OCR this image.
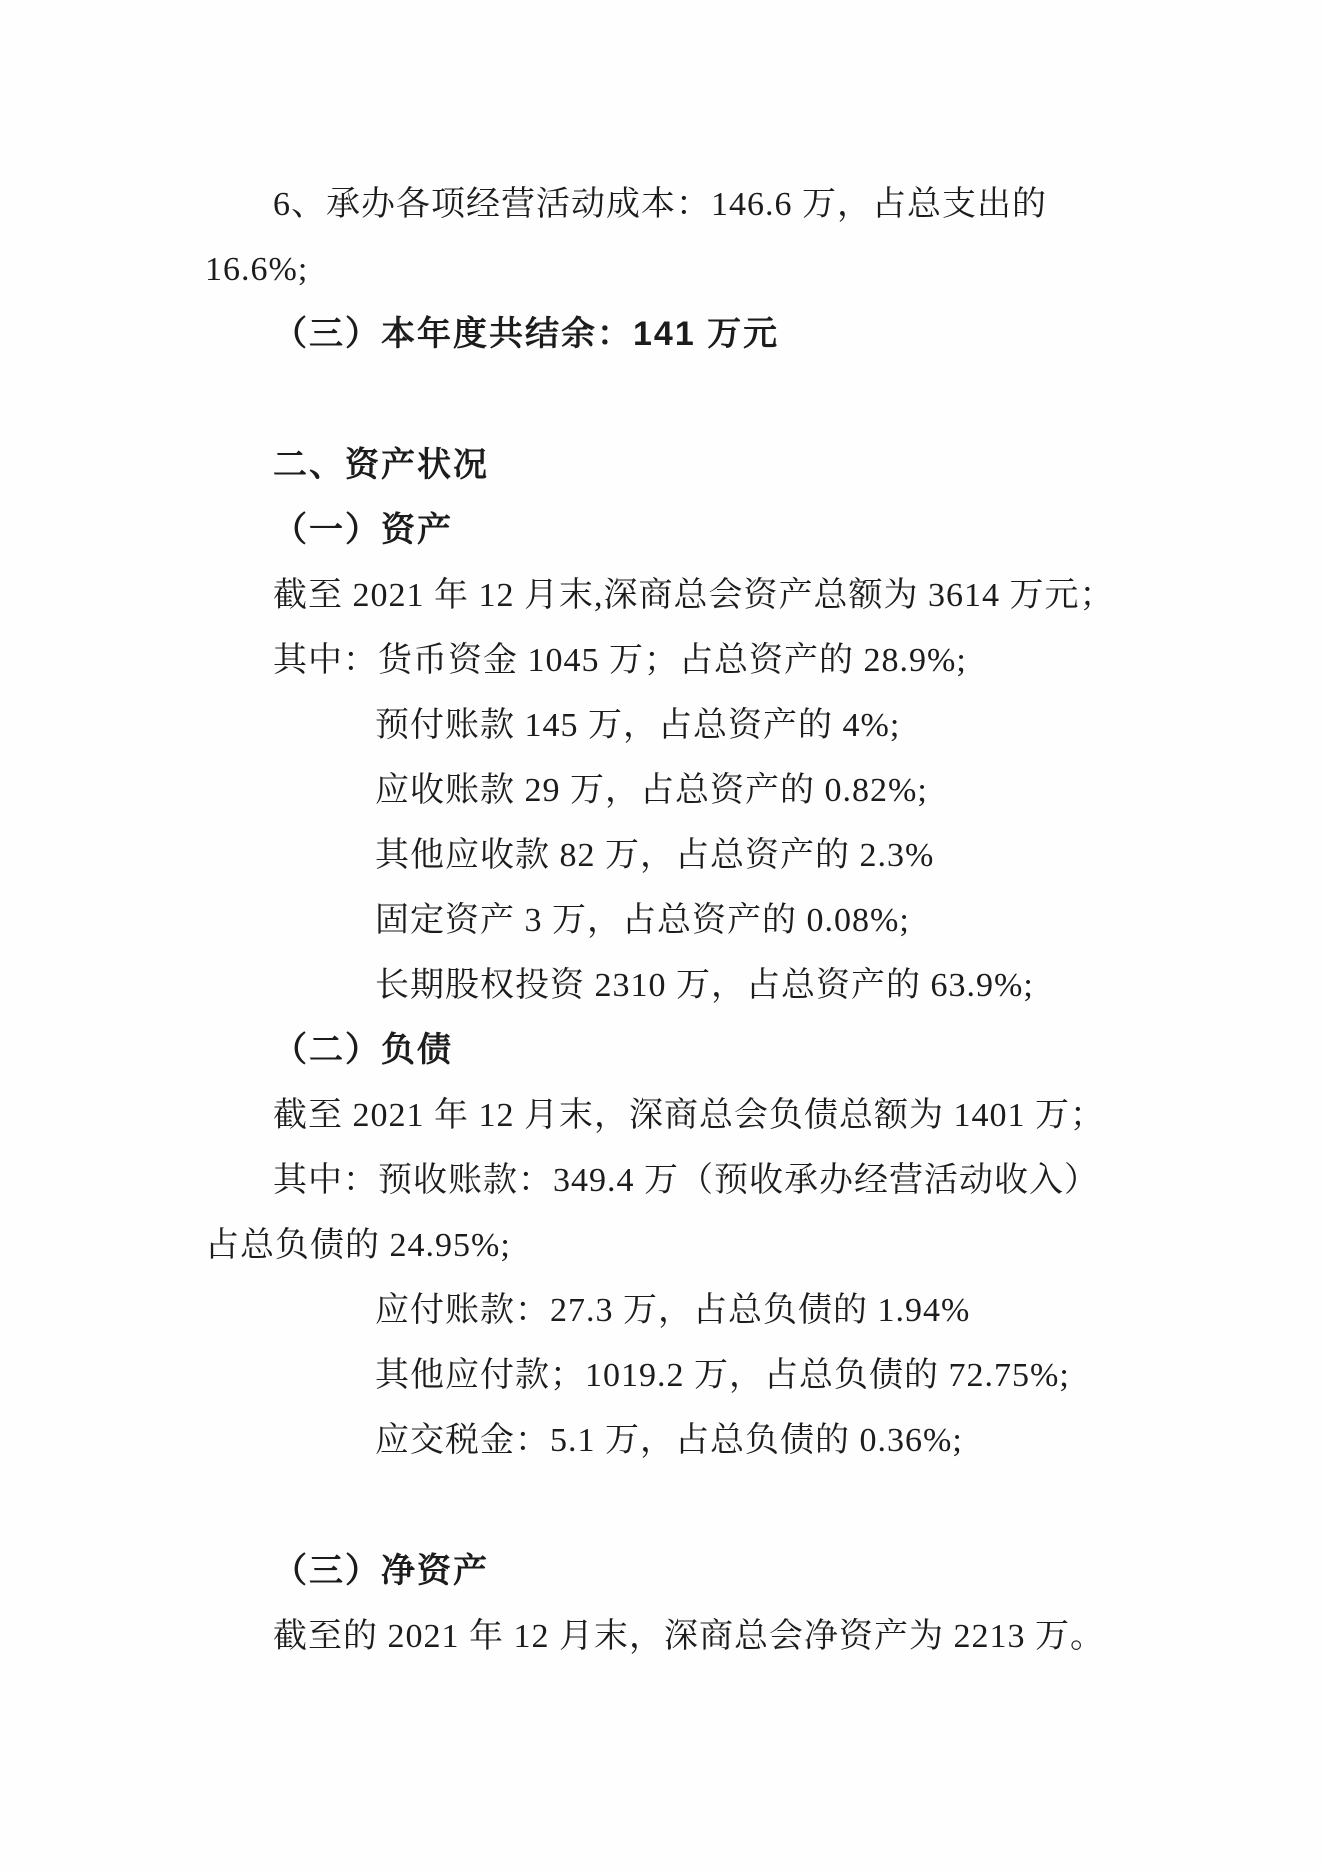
6、承办各项经营活动成本：146.6 万，占总支出的

16.6%;

（三）本年度共结余：141 万元

二、资产状况

（一）资产

截至 2021 年 12 月末,深商总会资产总额为 3614 万元；

其中：货币资金 1045 万；占总资产的 28.9%;

预付账款 145 万，占总资产的 4%;

应收账款 29 万，占总资产的 0.82%;

其他应收款 82 万，占总资产的 2.3%

固定资产 3 万，占总资产的 0.08%;

长期股权投资 2310 万，占总资产的 63.9%;

（二）负债

截至 2021 年 12 月末，深商总会负债总额为 1401 万；

其中：预收账款：349.4 万（预收承办经营活动收入）

占总负债的 24.95%;

应付账款：27.3 万，占总负债的 1.94%

其他应付款；1019.2 万，占总负债的 72.75%;

应交税金：5.1 万，占总负债的 0.36%;

（三）净资产

截至的 2021 年 12 月末，深商总会净资产为 2213 万。
